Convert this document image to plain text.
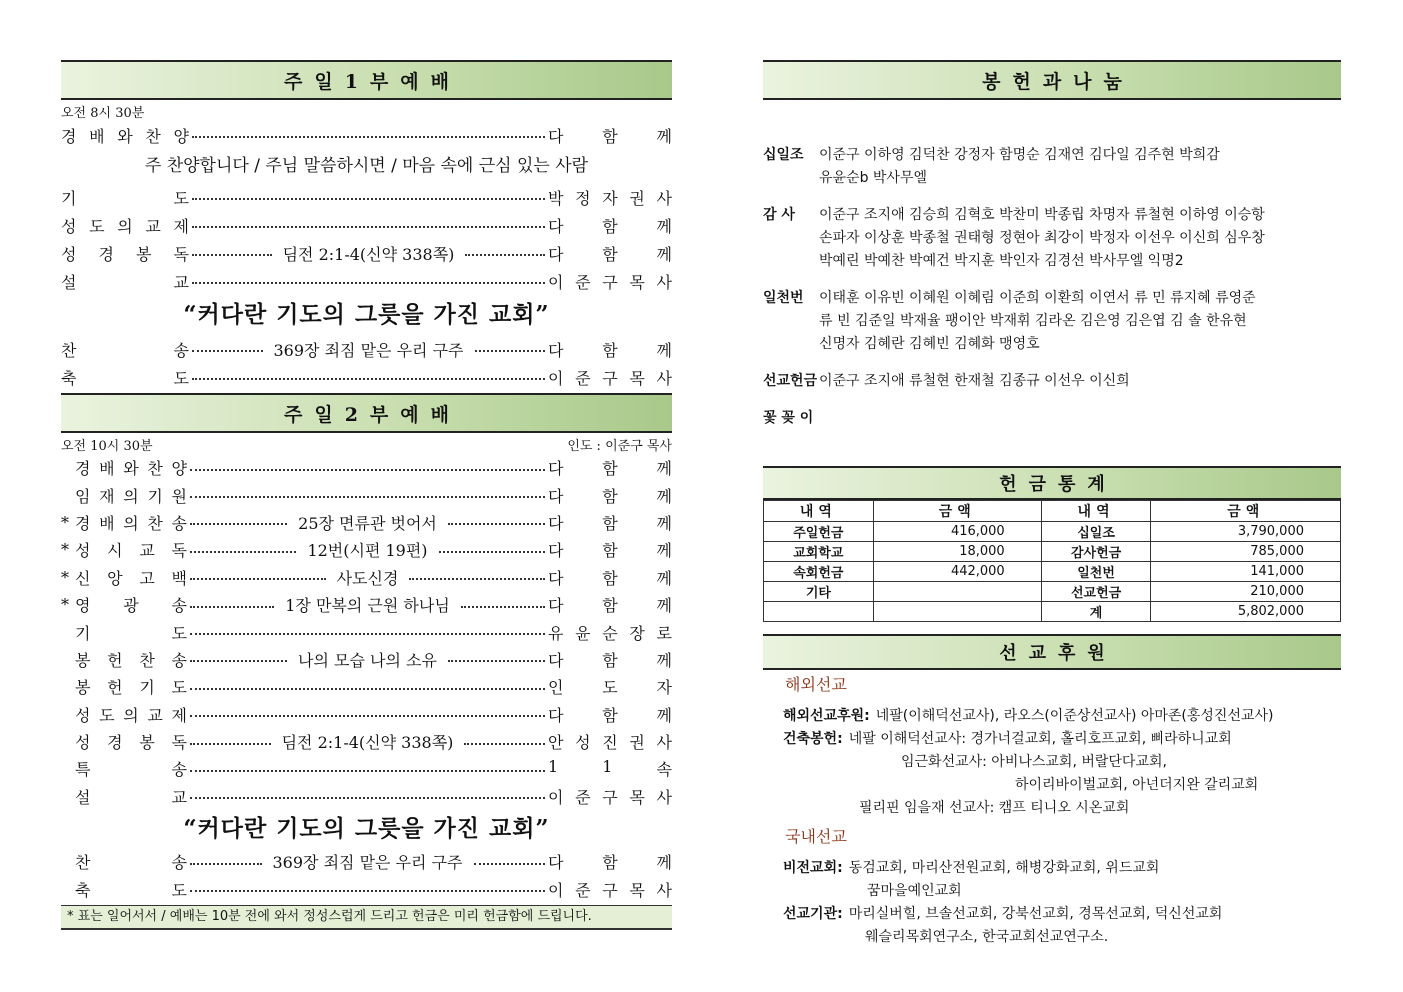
주일1부예배
오전 8시 30분
경 배 와 찬 양	다 함 께
주 찬양합니다 / 주님 말씀하시면 / 마음 속에 근심 있는 사람
기	도	박 정 자 권 사
성 도 의 교 제	다 함 께
성 경 봉 독	딤전 2:1-4(신약 338쪽)	다 함 께
설	교	이 준 구 목 사
“커다란 기도의 그릇을 가진 교회”
찬	송	369장 죄짐 맡은 우리 구주	다 함 께
축	도	이 준 구 목 사
주일2부예배
오전 10시 30분	인도 : 이준구 목사
경 배 와 찬 양	다 함 께
임 재 의 기 원	다 함 께
* 경 배 의 찬 송	25장 면류관 벗어서	다 함 께
* 성 시 교 독	12번(시편 19편)	다 함 께
* 신 앙 고 백	사도신경	다 함 께
* 영 광 송	1장 만복의 근원 하나님	다 함 께
기	도	유 윤 순 장 로
봉 헌 찬 송	나의 모습 나의 소유	다 함 께
봉 헌 기 도	인 도 자
성 도 의 교 제	다 함 께
성 경 봉 독	딤전 2:1-4(신약 338쪽)	안 성 진 권 사
특	송	1	1	속
설	교	이 준 구 목 사
“커다란 기도의 그릇을 가진 교회”
찬	송	369장 죄짐 맡은 우리 구주	다 함 께
축	도	이 준 구 목 사
* 표는 일어서서 / 예배는 10분 전에 와서 정성스럽게 드리고 헌금은 미리 헌금함에 드립니다.
봉헌과나눔
십일조	이준구 이하영 김덕찬 강정자 함명순 김재연 김다일 김주현 박희감
유윤순b 박사무엘
감 사	이준구 조지애 김승희 김혁호 박찬미 박종립 차명자 류철현 이하영 이승항
손파자 이상훈 박종철 권태형 정현아 최강이 박정자 이선우 이신희 심우창
박예린 박예찬 박예건 박지훈 박인자 김경선 박사무엘 익명2
일천번	이태훈 이유빈 이혜원 이혜림 이준희 이환희 이연서 류 민 류지혜 류영준
류 빈 김준일 박재율 팽이안 박재휘 김라온 김은영 김은엽 김 솔 한유현
신명자 김혜란 김혜빈 김혜화 맹영호
선교헌금 이준구 조지애 류철현 한재철 김종규 이선우 이신희
꽃 꽂 이
헌금통계
내역	금액	내역	금액
주일헌금	416,000	십일조	3,790,000
교회학교	18,000	감사헌금	785,000
속회헌금	442,000	일천번	141,000
기타		선교헌금	210,000
		계	5,802,000
선교후원
해외선교
해외선교후원: 네팔(이해덕선교사), 라오스(이준상선교사) 아마존(홍성진선교사)
건축봉헌: 네팔 이해덕선교사: 경가너걸교회, 홀리호프교회, 삐라하니교회
임근화선교사: 아비나스교회, 버랄단다교회,
하이리바이벌교회, 아넌더지완 갈리교회
필리핀 임을재 선교사: 캠프 티니오 시온교회
국내선교
비전교회: 동검교회, 마리산전원교회, 해병강화교회, 위드교회
꿈마을예인교회
선교기관: 마리실버힐, 브솔선교회, 강북선교회, 경목선교회, 덕신선교회
웨슬리목회연구소, 한국교회선교연구소.
